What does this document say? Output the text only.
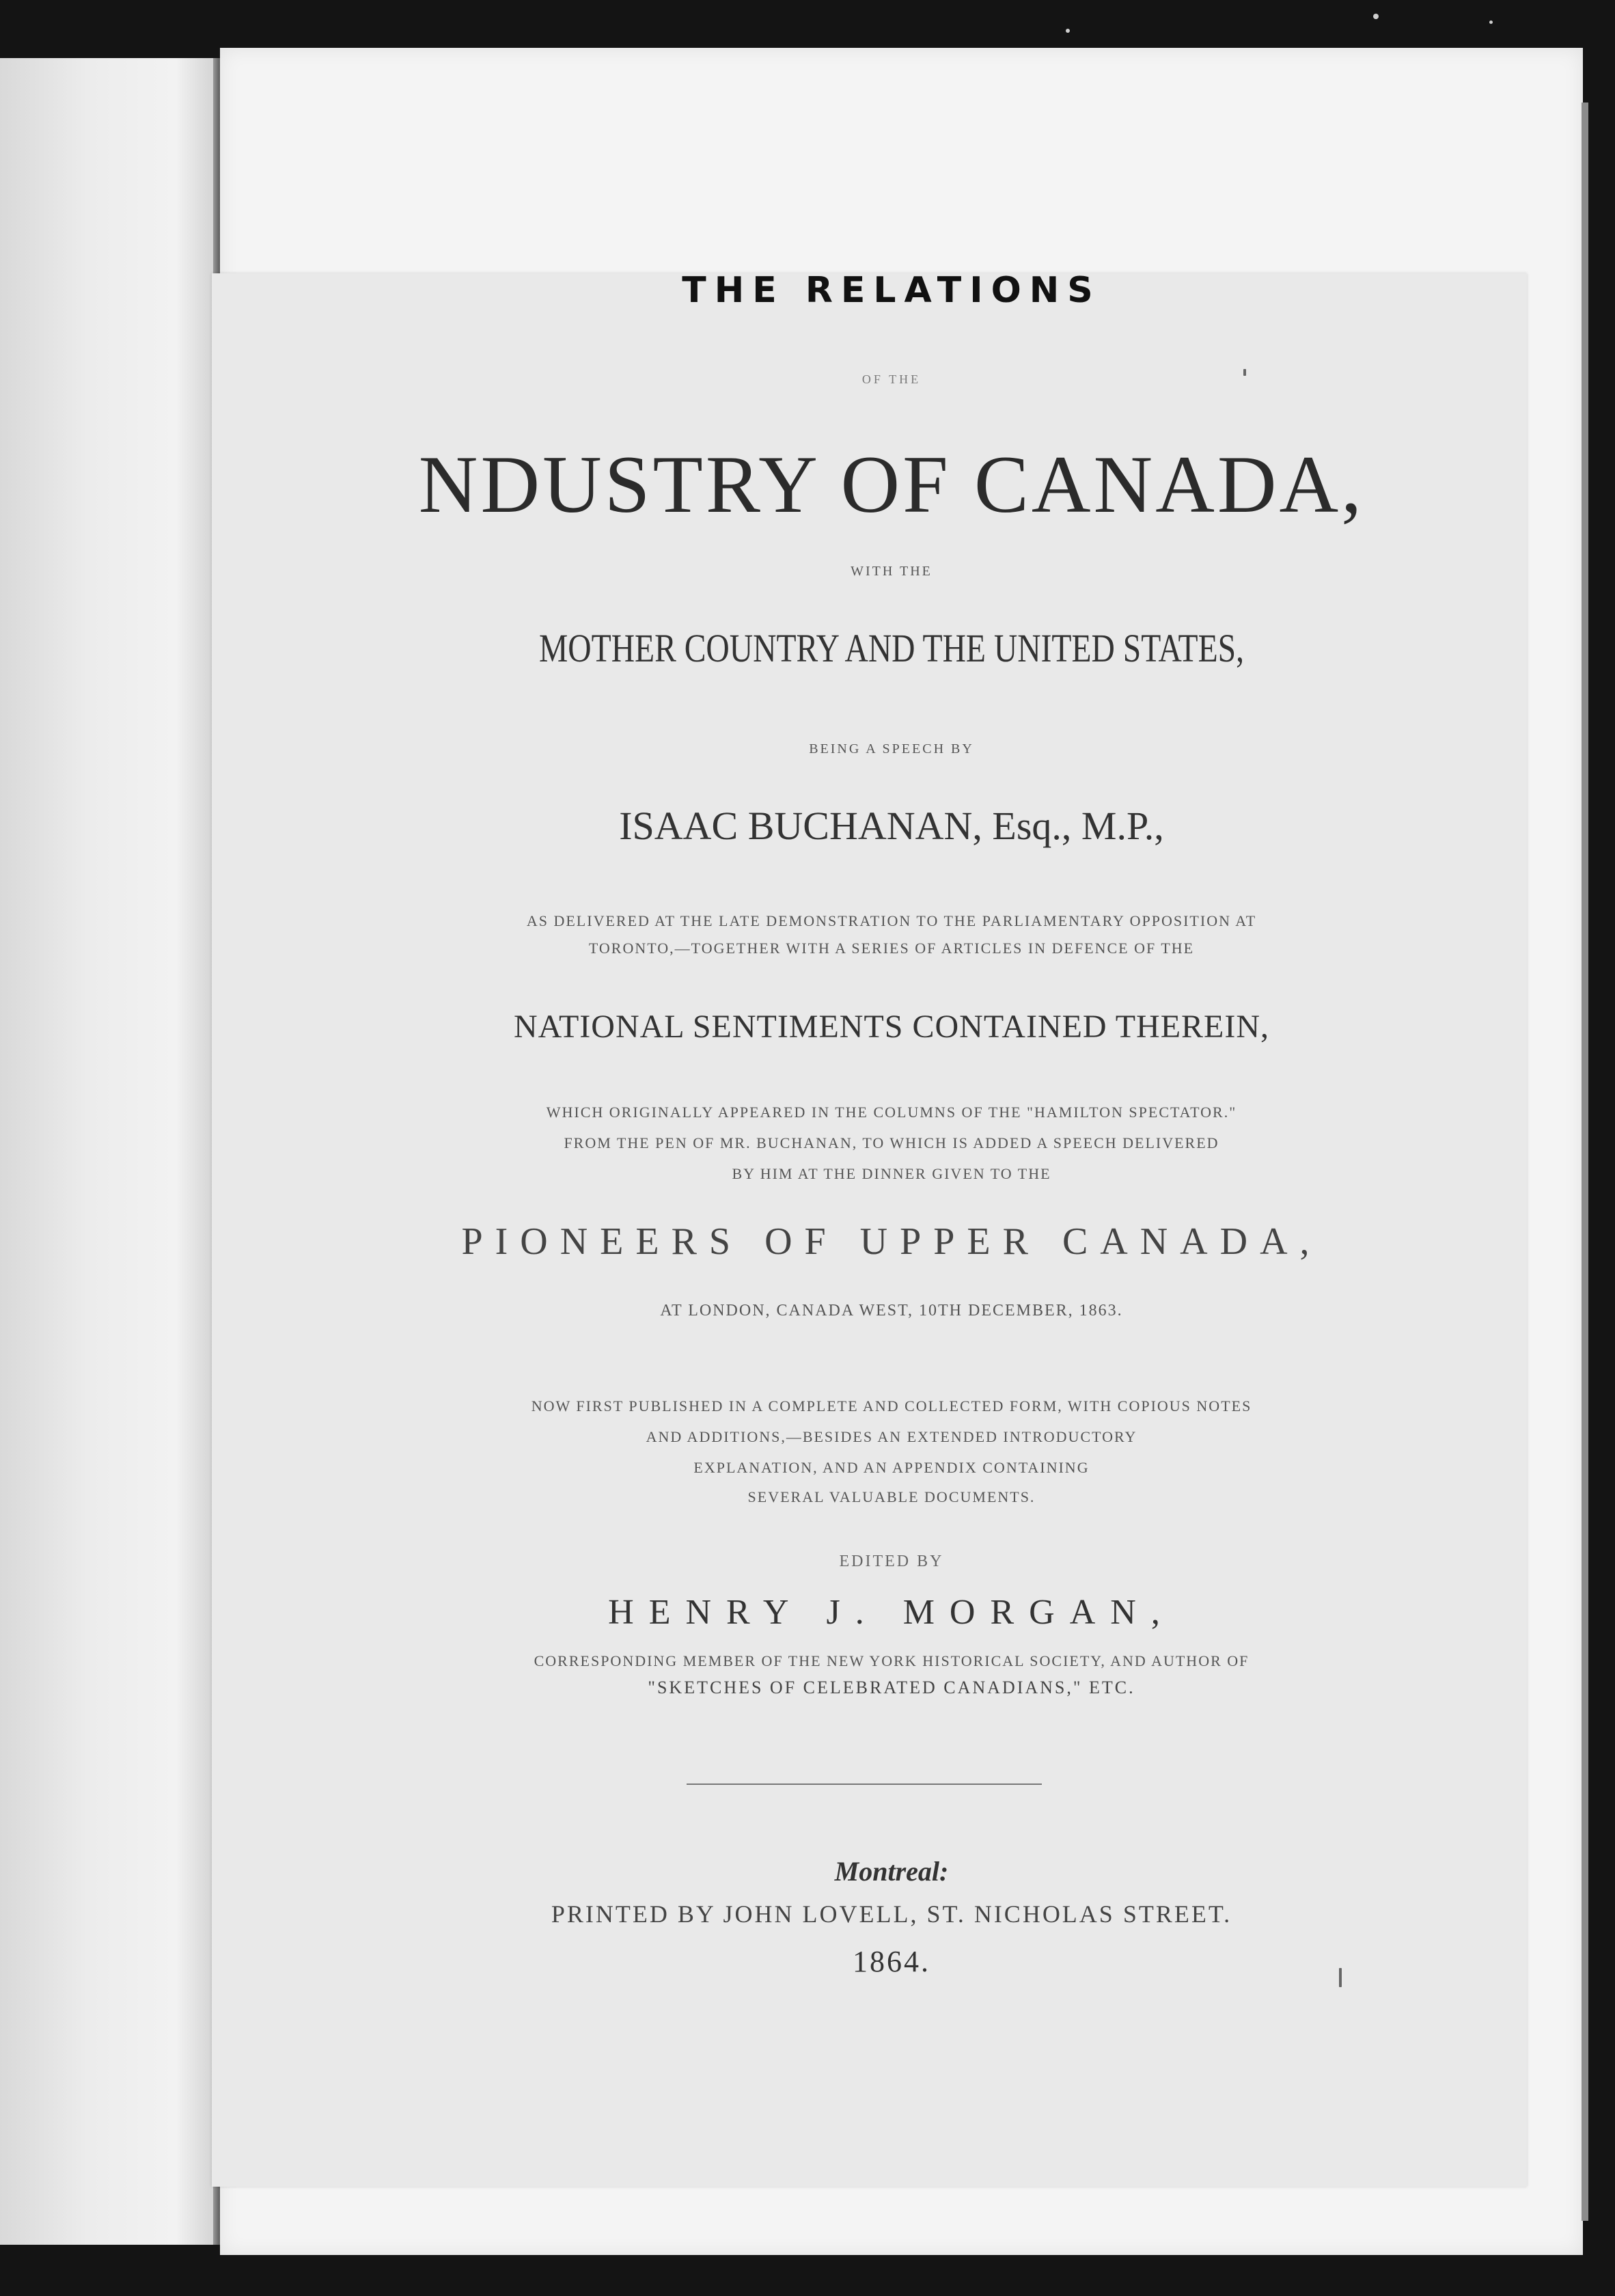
THE RELATIONS
OF THE
NDUSTRY OF CANADA,
WITH THE
MOTHER COUNTRY AND THE UNITED STATES,
BEING A SPEECH BY
ISAAC BUCHANAN, Esq., M.P.,
AS DELIVERED AT THE LATE DEMONSTRATION TO THE PARLIAMENTARY OPPOSITION AT
TORONTO,—TOGETHER WITH A SERIES OF ARTICLES IN DEFENCE OF THE
NATIONAL SENTIMENTS CONTAINED THEREIN,
WHICH ORIGINALLY APPEARED IN THE COLUMNS OF THE "HAMILTON SPECTATOR."
FROM THE PEN OF MR. BUCHANAN, TO WHICH IS ADDED A SPEECH DELIVERED
BY HIM AT THE DINNER GIVEN TO THE
PIONEERS OF UPPER CANADA,
AT LONDON, CANADA WEST, 10TH DECEMBER, 1863.
NOW FIRST PUBLISHED IN A COMPLETE AND COLLECTED FORM, WITH COPIOUS NOTES
AND ADDITIONS,—BESIDES AN EXTENDED INTRODUCTORY
EXPLANATION, AND AN APPENDIX CONTAINING
SEVERAL VALUABLE DOCUMENTS.
EDITED BY
HENRY J. MORGAN,
CORRESPONDING MEMBER OF THE NEW YORK HISTORICAL SOCIETY, AND AUTHOR OF
"SKETCHES OF CELEBRATED CANADIANS," ETC.
Montreal:
PRINTED BY JOHN LOVELL, ST. NICHOLAS STREET.
1864.
